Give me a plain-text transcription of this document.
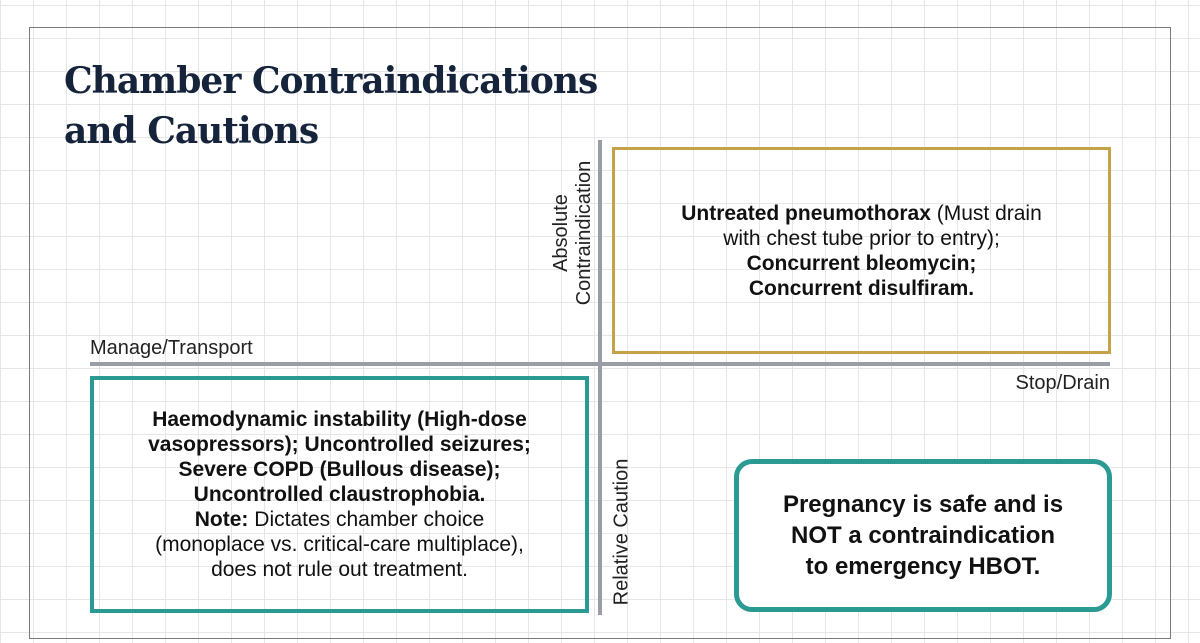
Chamber Contraindications
and Cautions
Manage/Transport
Stop/Drain
Absolute Contraindication
Relative Caution
Untreated pneumothorax (Must drain
with chest tube prior to entry);
Concurrent bleomycin;
Concurrent disulfiram.
Haemodynamic instability (High-dose
vasopressors); Uncontrolled seizures;
Severe COPD (Bullous disease);
Uncontrolled claustrophobia.
Note: Dictates chamber choice
(monoplace vs. critical-care multiplace),
does not rule out treatment.
Pregnancy is safe and is
NOT a contraindication
to emergency HBOT.
